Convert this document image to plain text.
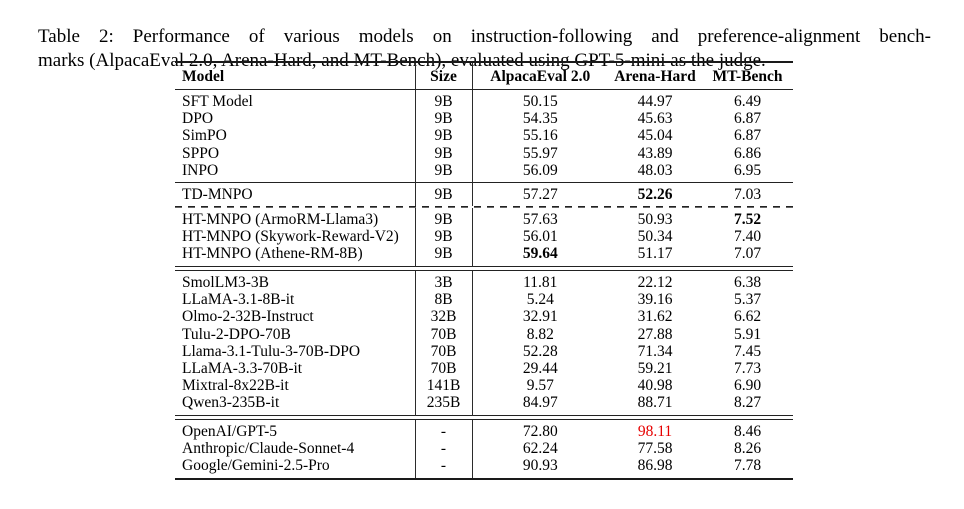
Table 2: Performance of various models on instruction-following and preference-alignment bench-
marks (AlpacaEval 2.0, Arena-Hard, and MT-Bench), evaluated using GPT-5-mini as the judge.

Model	Size	AlpacaEval 2.0	Arena-Hard	MT-Bench
SFT Model	9B	50.15	44.97	6.49
DPO	9B	54.35	45.63	6.87
SimPO	9B	55.16	45.04	6.87
SPPO	9B	55.97	43.89	6.86
INPO	9B	56.09	48.03	6.95

TD-MNPO	9B	57.27	52.26	7.03

HT-MNPO (ArmoRM-Llama3)	9B	57.63	50.93	7.52
HT-MNPO (Skywork-Reward-V2)	9B	56.01	50.34	7.40
HT-MNPO (Athene-RM-8B)	9B	59.64	51.17	7.07

SmolLM3-3B	3B	11.81	22.12	6.38
LLaMA-3.1-8B-it	8B	5.24	39.16	5.37
Olmo-2-32B-Instruct	32B	32.91	31.62	6.62
Tulu-2-DPO-70B	70B	8.82	27.88	5.91
Llama-3.1-Tulu-3-70B-DPO	70B	52.28	71.34	7.45
LLaMA-3.3-70B-it	70B	29.44	59.21	7.73
Mixtral-8x22B-it	141B	9.57	40.98	6.90
Qwen3-235B-it	235B	84.97	88.71	8.27

OpenAI/GPT-5	-	72.80	98.11	8.46
Anthropic/Claude-Sonnet-4	-	62.24	77.58	8.26
Google/Gemini-2.5-Pro	-	90.93	86.98	7.78
